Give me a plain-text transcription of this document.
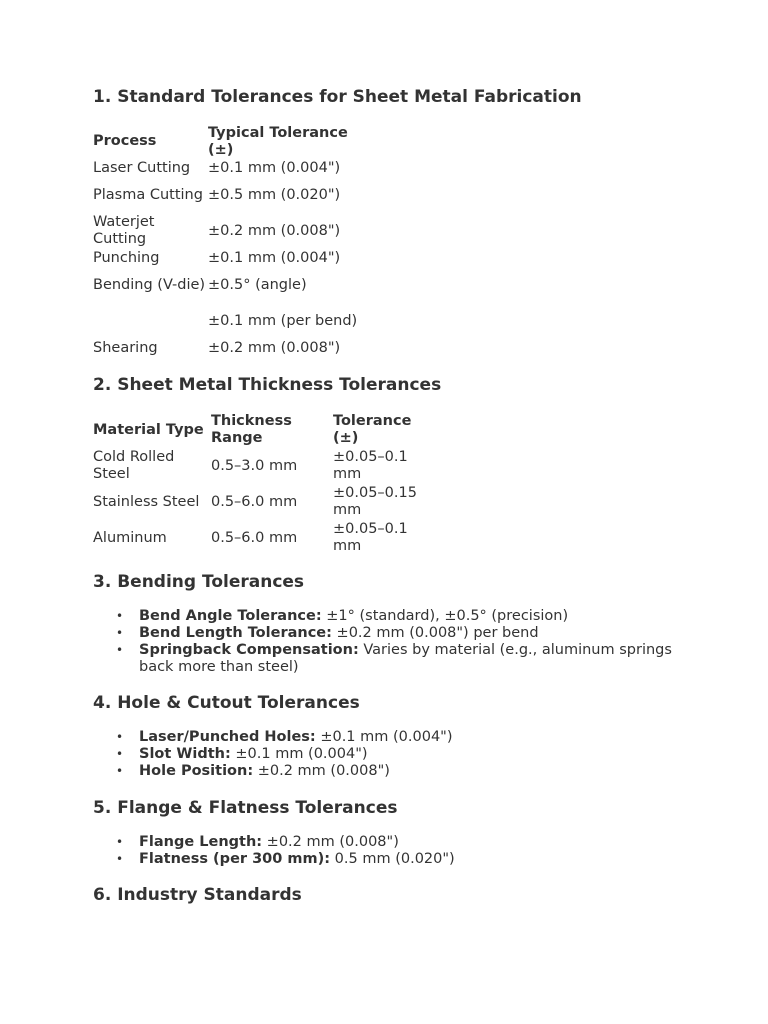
1. Standard Tolerances for Sheet Metal Fabrication
Process	Typical Tolerance (±)
Laser Cutting	±0.1 mm (0.004")
Plasma Cutting	±0.5 mm (0.020")
Waterjet Cutting	±0.2 mm (0.008")
Punching	±0.1 mm (0.004")
Bending (V-die)	±0.5° (angle)
	±0.1 mm (per bend)
Shearing	±0.2 mm (0.008")
2. Sheet Metal Thickness Tolerances
Material Type	Thickness Range	Tolerance (±)
Cold Rolled Steel	0.5–3.0 mm	±0.05–0.1 mm
Stainless Steel	0.5–6.0 mm	±0.05–0.15 mm
Aluminum	0.5–6.0 mm	±0.05–0.1 mm
3. Bending Tolerances
• Bend Angle Tolerance: ±1° (standard), ±0.5° (precision)
• Bend Length Tolerance: ±0.2 mm (0.008") per bend
• Springback Compensation: Varies by material (e.g., aluminum springs back more than steel)
4. Hole & Cutout Tolerances
• Laser/Punched Holes: ±0.1 mm (0.004")
• Slot Width: ±0.1 mm (0.004")
• Hole Position: ±0.2 mm (0.008")
5. Flange & Flatness Tolerances
• Flange Length: ±0.2 mm (0.008")
• Flatness (per 300 mm): 0.5 mm (0.020")
6. Industry Standards
